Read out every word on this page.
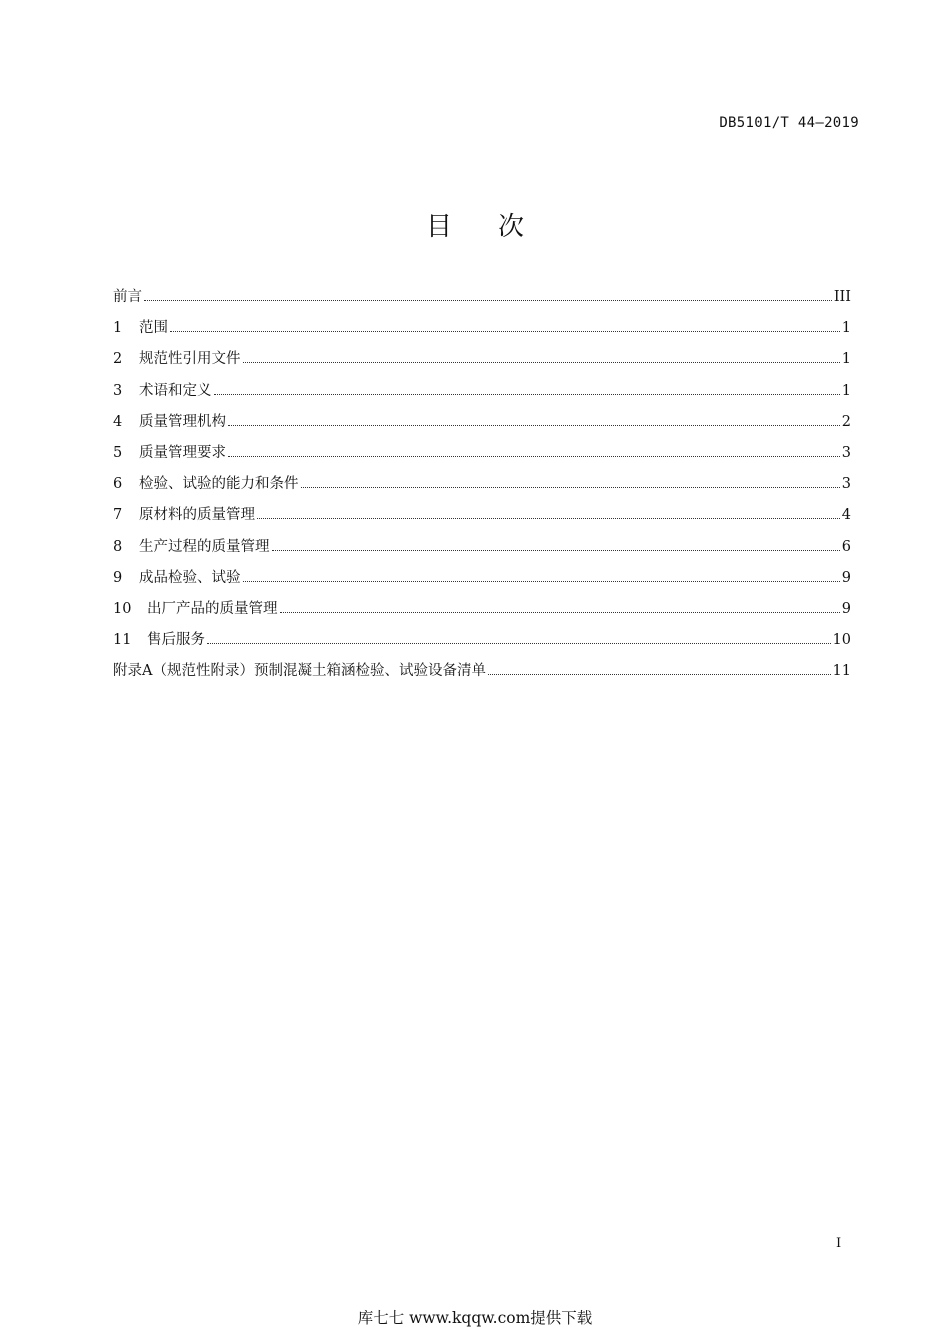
DB5101/T 44—2019
目 次
前言	III
1	范围	1
2	规范性引用文件	1
3	术语和定义	1
4	质量管理机构	2
5	质量管理要求	3
6	检验、试验的能力和条件	3
7	原材料的质量管理	4
8	生产过程的质量管理	6
9	成品检验、试验	9
10	出厂产品的质量管理	9
11	售后服务	10
附录A（规范性附录）预制混凝土箱涵检验、试验设备清单	11
I
库七七 www.kqqw.com提供下载
